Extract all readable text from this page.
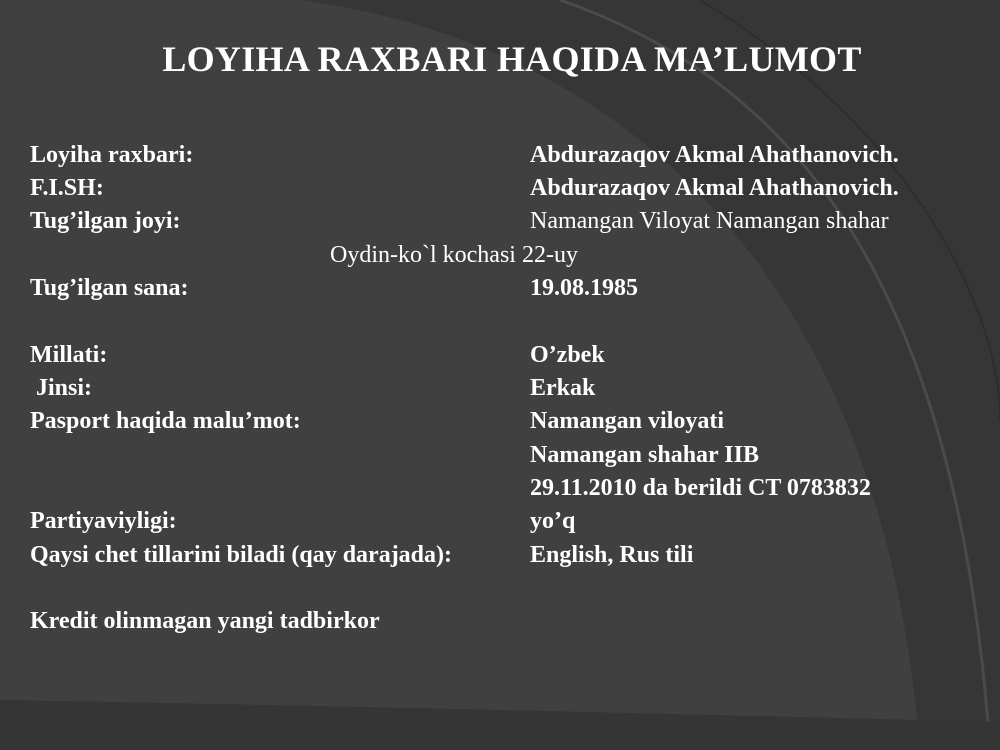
LOYIHA RAXBARI HAQIDA MA’LUMOT
Loyiha raxbari:	Abdurazaqov Akmal Ahathanovich.
F.I.SH:	Abdurazaqov Akmal Ahathanovich.
Tug’ilgan joyi:	Namangan Viloyat Namangan shahar
Oydin-ko`l kochasi 22-uy
Tug’ilgan sana:	19.08.1985
Millati:	O’zbek
Jinsi:	Erkak
Pasport haqida malu’mot:	Namangan viloyati
Namangan shahar IIB
29.11.2010 da berildi CT 0783832
Partiyaviyligi:	yo’q
Qaysi chet tillarini biladi (qay darajada):	English, Rus tili
Kredit olinmagan yangi tadbirkor
